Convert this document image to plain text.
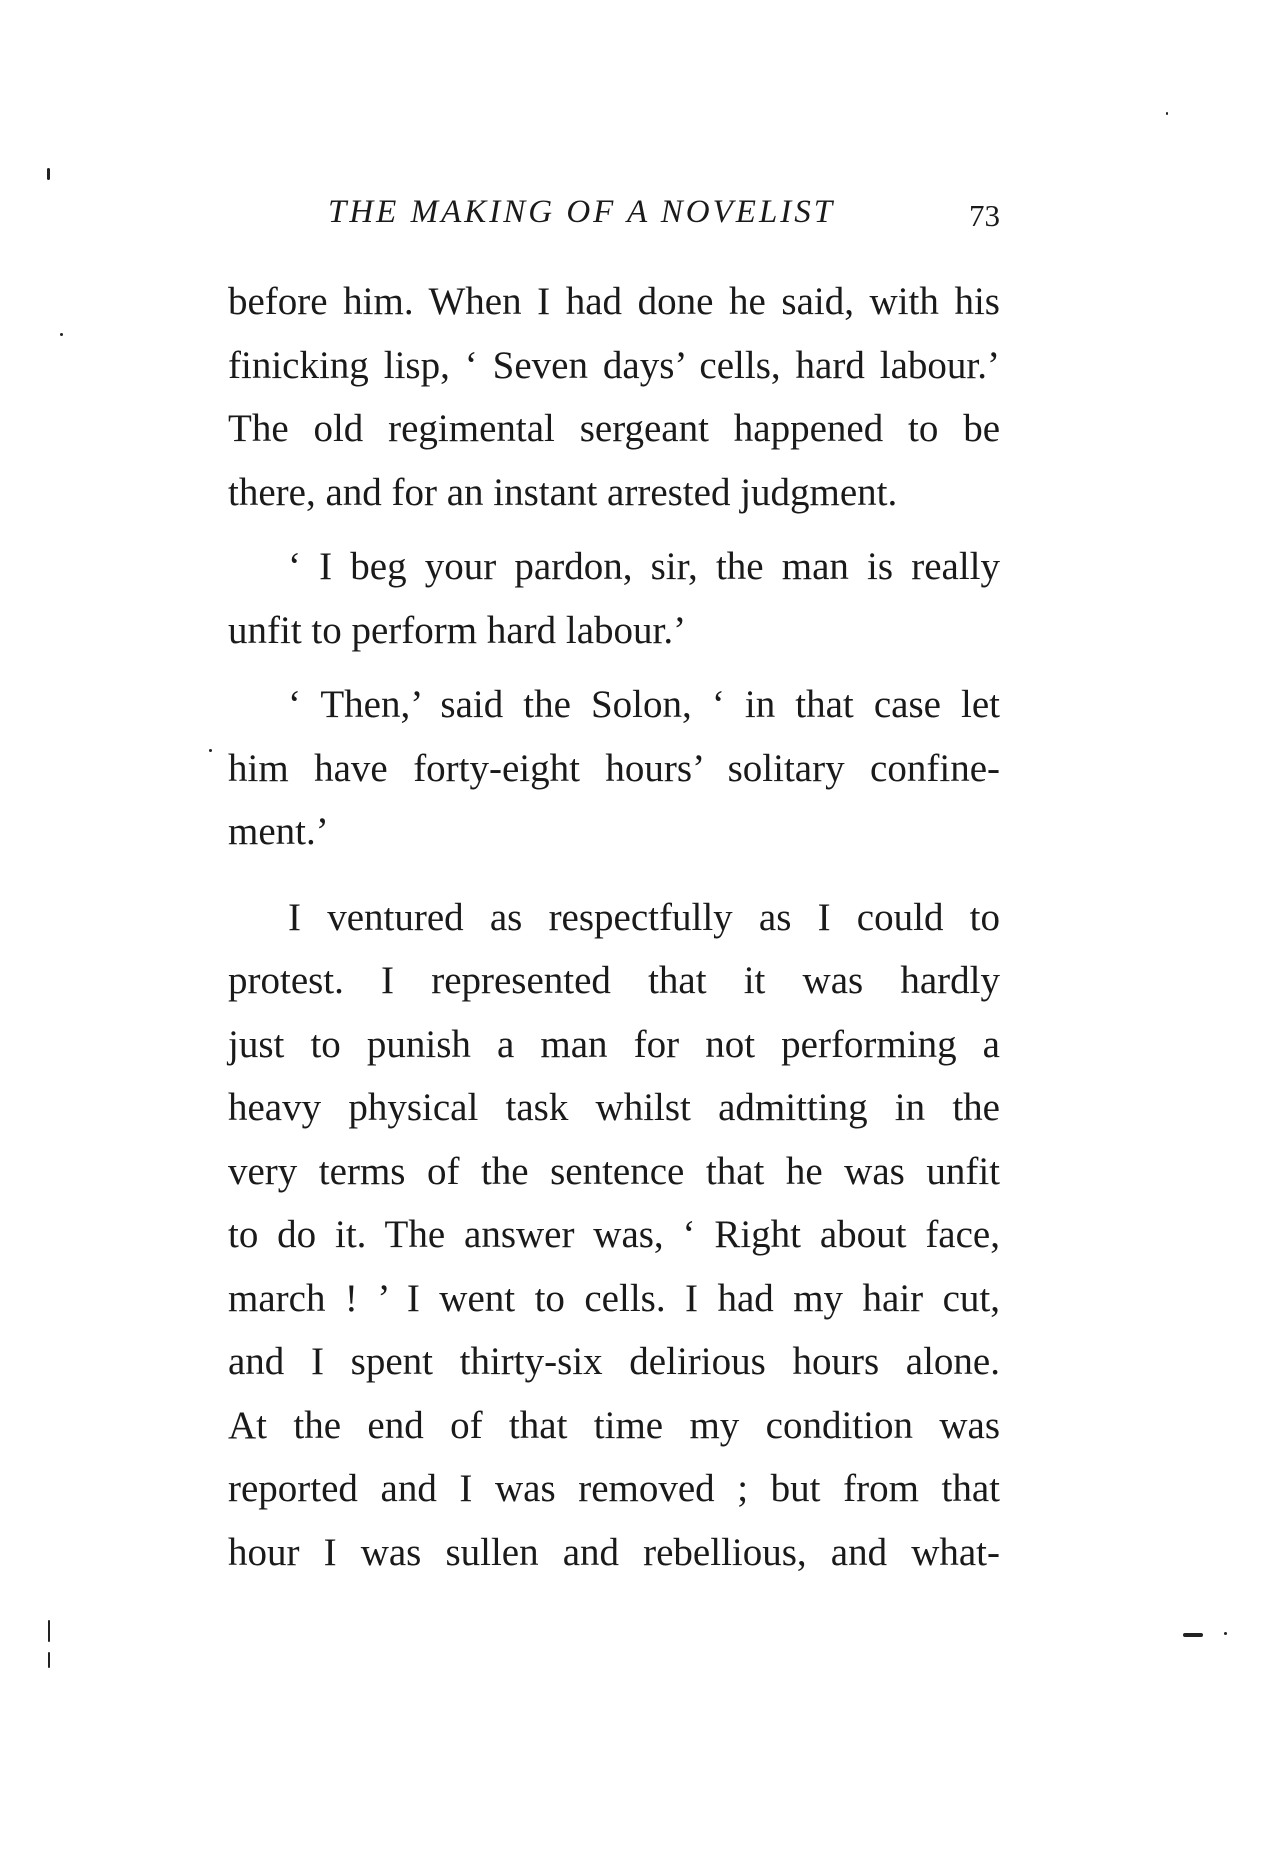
THE MAKING OF A NOVELIST	73
before him. When I had done he said, with his
finicking lisp, ‘ Seven days’ cells, hard labour.’
The old regimental sergeant happened to be
there, and for an instant arrested judgment.
‘ I beg your pardon, sir, the man is really
unfit to perform hard labour.’
‘ Then,’ said the Solon, ‘ in that case let
him have forty-eight hours’ solitary confine-
ment.’
I ventured as respectfully as I could to
protest. I represented that it was hardly
just to punish a man for not performing a
heavy physical task whilst admitting in the
very terms of the sentence that he was unfit
to do it. The answer was, ‘ Right about face,
march ! ’ I went to cells. I had my hair cut,
and I spent thirty-six delirious hours alone.
At the end of that time my condition was
reported and I was removed ; but from that
hour I was sullen and rebellious, and what-
